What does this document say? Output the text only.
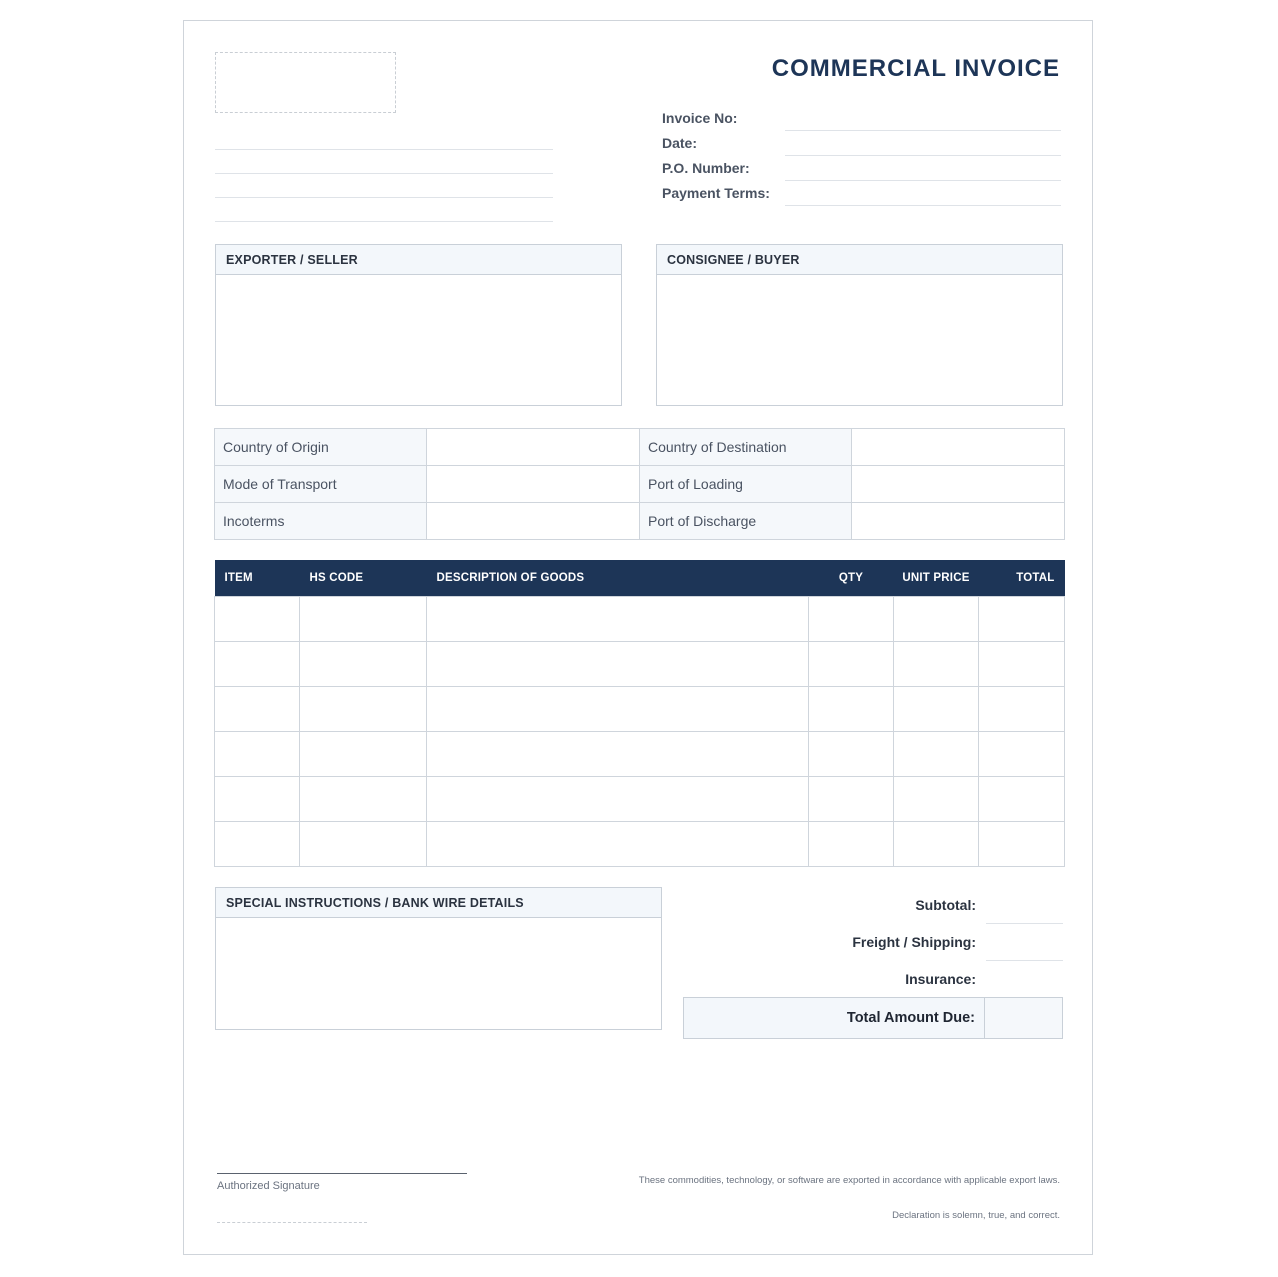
COMMERCIAL INVOICE
Invoice No:
Date:
P.O. Number:
Payment Terms:
EXPORTER / SELLER	CONSIGNEE / BUYER
Country of Origin		Country of Destination	
Mode of Transport		Port of Loading	
Incoterms		Port of Discharge	
ITEM	HS CODE	DESCRIPTION OF GOODS	QTY	UNIT PRICE	TOTAL

SPECIAL INSTRUCTIONS / BANK WIRE DETAILS	Subtotal:
Freight / Shipping:
Insurance:
Total Amount Due:
Authorized Signature	These commodities, technology, or software are exported in accordance with applicable export laws.
Declaration is solemn, true, and correct.
